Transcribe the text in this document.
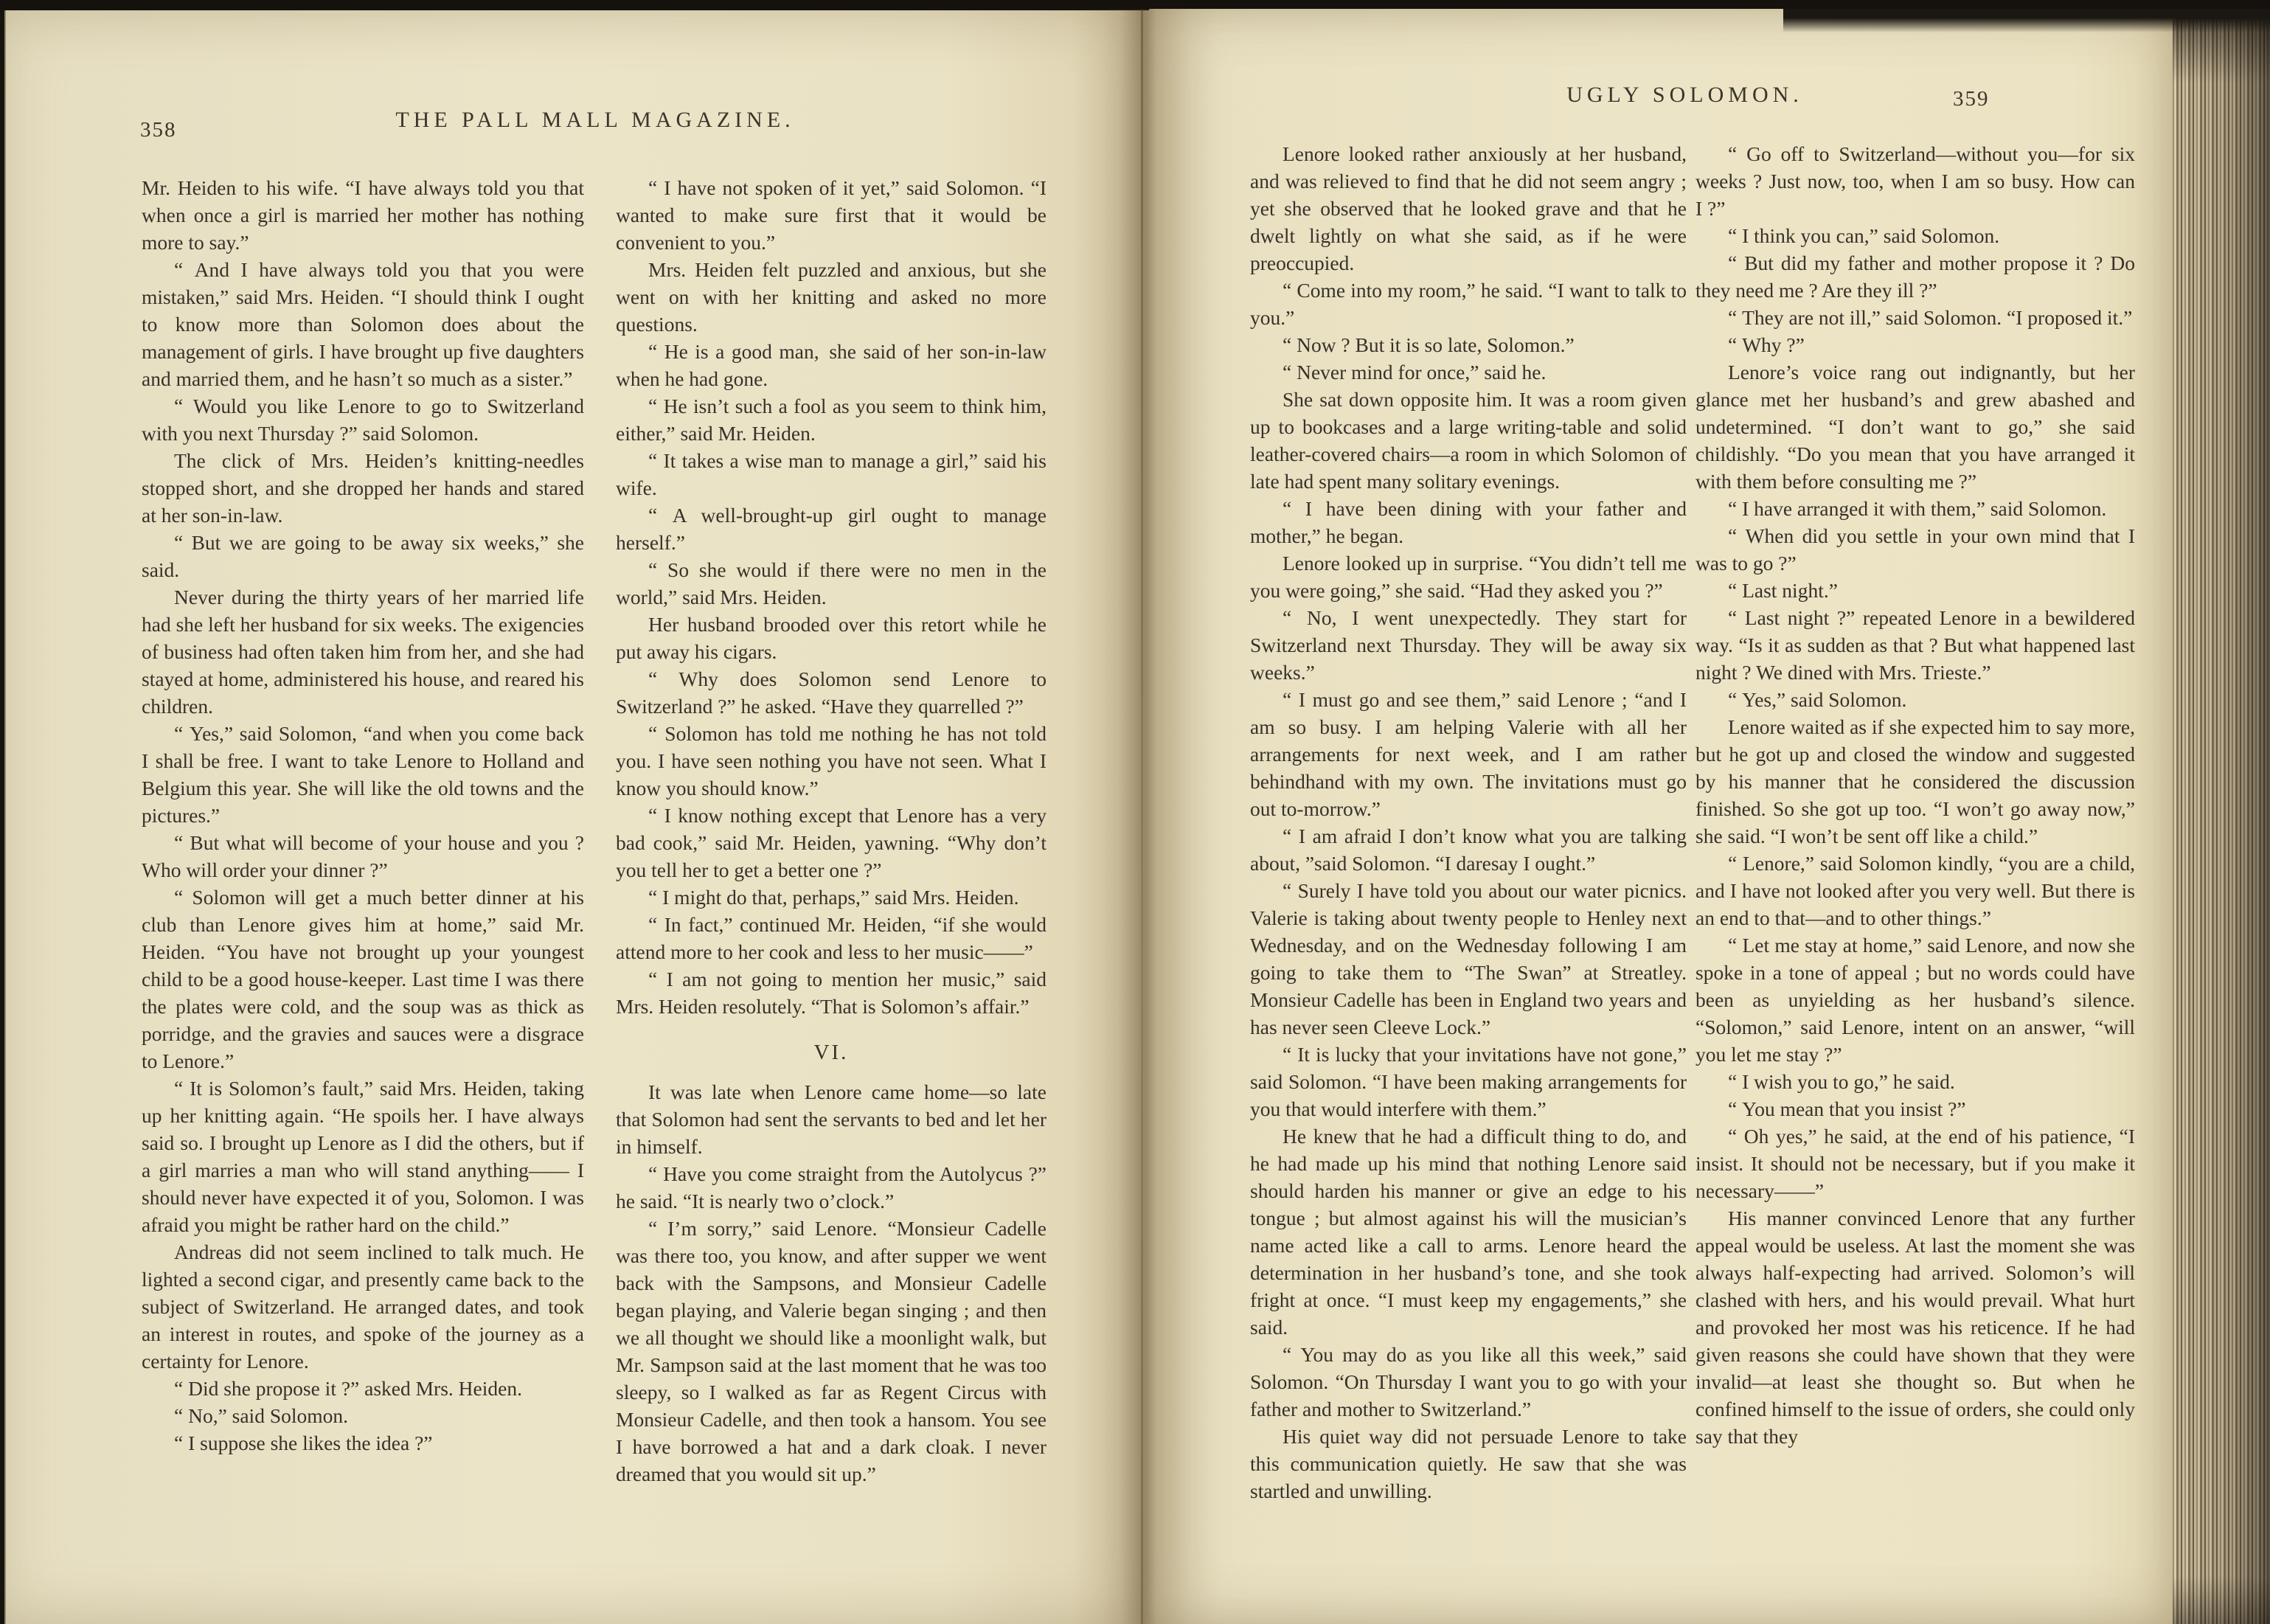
358	THE PALL MALL MAGAZINE.

Mr. Heiden to his wife. “I have always told you that when once a girl is married her mother has nothing more to say.”

“ And I have always told you that you were mistaken,” said Mrs. Heiden. “I should think I ought to know more than Solomon does about the management of girls. I have brought up five daughters and married them, and he hasn’t so much as a sister.”

“ Would you like Lenore to go to Switzerland with you next Thursday ?” said Solomon.

The click of Mrs. Heiden’s knitting-needles stopped short, and she dropped her hands and stared at her son-in-law.

“ But we are going to be away six weeks,” she said.

Never during the thirty years of her married life had she left her husband for six weeks. The exigencies of business had often taken him from her, and she had stayed at home, administered his house, and reared his children.

“ Yes,” said Solomon, “and when you come back I shall be free. I want to take Lenore to Holland and Belgium this year. She will like the old towns and the pictures.”

“ But what will become of your house and you ? Who will order your dinner ?”

“ Solomon will get a much better dinner at his club than Lenore gives him at home,” said Mr. Heiden. “You have not brought up your youngest child to be a good house-keeper. Last time I was there the plates were cold, and the soup was as thick as porridge, and the gravies and sauces were a disgrace to Lenore.”

“ It is Solomon’s fault,” said Mrs. Heiden, taking up her knitting again. “He spoils her. I have always said so. I brought up Lenore as I did the others, but if a girl marries a man who will stand anything—— I should never have expected it of you, Solomon. I was afraid you might be rather hard on the child.”

Andreas did not seem inclined to talk much. He lighted a second cigar, and presently came back to the subject of Switzerland. He arranged dates, and took an interest in routes, and spoke of the journey as a certainty for Lenore.

“ Did she propose it ?” asked Mrs. Heiden.

“ No,” said Solomon.

“ I suppose she likes the idea ?”

“ I have not spoken of it yet,” said Solomon. “I wanted to make sure first that it would be convenient to you.”

Mrs. Heiden felt puzzled and anxious, but she went on with her knitting and asked no more questions.

“ He is a good man, she said of her son-in-law when he had gone.

“ He isn’t such a fool as you seem to think him, either,” said Mr. Heiden.

“ It takes a wise man to manage a girl,” said his wife.

“ A well-brought-up girl ought to manage herself.”

“ So she would if there were no men in the world,” said Mrs. Heiden.

Her husband brooded over this retort while he put away his cigars.

“ Why does Solomon send Lenore to Switzerland ?” he asked. “Have they quarrelled ?”

“ Solomon has told me nothing he has not told you. I have seen nothing you have not seen. What I know you should know.”

“ I know nothing except that Lenore has a very bad cook,” said Mr. Heiden, yawning. “Why don’t you tell her to get a better one ?”

“ I might do that, perhaps,” said Mrs. Heiden.

“ In fact,” continued Mr. Heiden, “if she would attend more to her cook and less to her music——”

“ I am not going to mention her music,” said Mrs. Heiden resolutely. “That is Solomon’s affair.”

VI.

It was late when Lenore came home—so late that Solomon had sent the servants to bed and let her in himself.

“ Have you come straight from the Autolycus ?” he said. “It is nearly two o’clock.”

“ I’m sorry,” said Lenore. “Monsieur Cadelle was there too, you know, and after supper we went back with the Sampsons, and Monsieur Cadelle began playing, and Valerie began singing ; and then we all thought we should like a moonlight walk, but Mr. Sampson said at the last moment that he was too sleepy, so I walked as far as Regent Circus with Monsieur Cadelle, and then took a hansom. You see I have borrowed a hat and a dark cloak. I never dreamed that you would sit up.”

UGLY SOLOMON.	359

Lenore looked rather anxiously at her husband, and was relieved to find that he did not seem angry ; yet she observed that he looked grave and that he dwelt lightly on what she said, as if he were preoccupied.

“ Come into my room,” he said. “I want to talk to you.”

“ Now ? But it is so late, Solomon.”

“ Never mind for once,” said he.

She sat down opposite him. It was a room given up to bookcases and a large writing-table and solid leather-covered chairs—a room in which Solomon of late had spent many solitary evenings.

“ I have been dining with your father and mother,” he began.

Lenore looked up in surprise. “You didn’t tell me you were going,” she said. “Had they asked you ?”

“ No, I went unexpectedly. They start for Switzerland next Thursday. They will be away six weeks.”

“ I must go and see them,” said Lenore ; “and I am so busy. I am helping Valerie with all her arrangements for next week, and I am rather behindhand with my own. The invitations must go out to-morrow.”

“ I am afraid I don’t know what you are talking about, ”said Solomon. “I daresay I ought.”

“ Surely I have told you about our water picnics. Valerie is taking about twenty people to Henley next Wednesday, and on the Wednesday following I am going to take them to “The Swan” at Streatley. Monsieur Cadelle has been in England two years and has never seen Cleeve Lock.”

“ It is lucky that your invitations have not gone,” said Solomon. “I have been making arrangements for you that would interfere with them.”

He knew that he had a difficult thing to do, and he had made up his mind that nothing Lenore said should harden his manner or give an edge to his tongue ; but almost against his will the musician’s name acted like a call to arms. Lenore heard the determination in her husband’s tone, and she took fright at once. “I must keep my engagements,” she said.

“ You may do as you like all this week,” said Solomon. “On Thursday I want you to go with your father and mother to Switzerland.”

His quiet way did not persuade Lenore to take this communication quietly. He saw that she was startled and unwilling.

“ Go off to Switzerland—without you—for six weeks ? Just now, too, when I am so busy. How can I ?”

“ I think you can,” said Solomon.

“ But did my father and mother propose it ? Do they need me ? Are they ill ?”

“ They are not ill,” said Solomon. “I proposed it.”

“ Why ?”

Lenore’s voice rang out indignantly, but her glance met her husband’s and grew abashed and undetermined. “I don’t want to go,” she said childishly. “Do you mean that you have arranged it with them before consulting me ?”

“ I have arranged it with them,” said Solomon.

“ When did you settle in your own mind that I was to go ?”

“ Last night.”

“ Last night ?” repeated Lenore in a bewildered way. “Is it as sudden as that ? But what happened last night ? We dined with Mrs. Trieste.”

“ Yes,” said Solomon.

Lenore waited as if she expected him to say more, but he got up and closed the window and suggested by his manner that he considered the discussion finished. So she got up too. “I won’t go away now,” she said. “I won’t be sent off like a child.”

“ Lenore,” said Solomon kindly, “you are a child, and I have not looked after you very well. But there is an end to that—and to other things.”

“ Let me stay at home,” said Lenore, and now she spoke in a tone of appeal ; but no words could have been as unyielding as her husband’s silence. “Solomon,” said Lenore, intent on an answer, “will you let me stay ?”

“ I wish you to go,” he said.

“ You mean that you insist ?”

“ Oh yes,” he said, at the end of his patience, “I insist. It should not be necessary, but if you make it necessary——”

His manner convinced Lenore that any further appeal would be useless. At last the moment she was always half-expecting had arrived. Solomon’s will clashed with hers, and his would prevail. What hurt and provoked her most was his reticence. If he had given reasons she could have shown that they were invalid—at least she thought so. But when he confined himself to the issue of orders, she could only say that they
